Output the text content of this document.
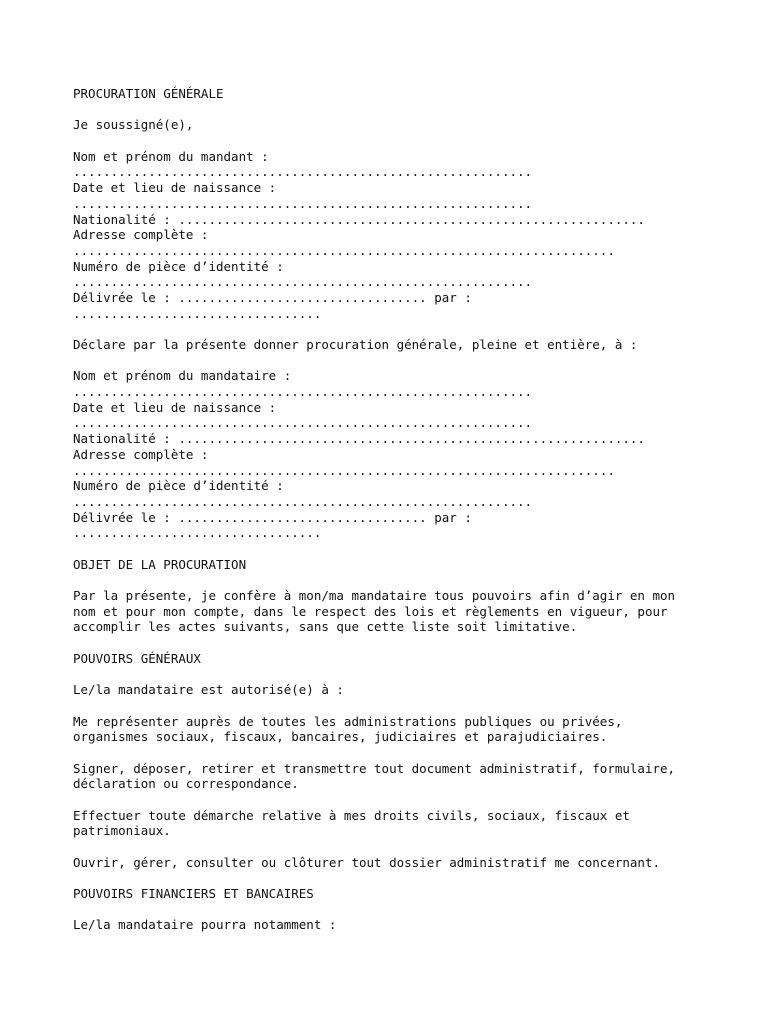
PROCURATION GÉNÉRALE
Je soussigné(e),
Nom et prénom du mandant :
.............................................................
Date et lieu de naissance :
.............................................................
Nationalité : ..............................................................
Adresse complète :
........................................................................
Numéro de pièce d’identité :
.............................................................
Délivrée le : ................................. par :
.................................
Déclare par la présente donner procuration générale, pleine et entière, à :
Nom et prénom du mandataire :
.............................................................
Date et lieu de naissance :
.............................................................
Nationalité : ..............................................................
Adresse complète :
........................................................................
Numéro de pièce d’identité :
.............................................................
Délivrée le : ................................. par :
.................................
OBJET DE LA PROCURATION
Par la présente, je confère à mon/ma mandataire tous pouvoirs afin d’agir en mon
nom et pour mon compte, dans le respect des lois et règlements en vigueur, pour
accomplir les actes suivants, sans que cette liste soit limitative.
POUVOIRS GÉNÉRAUX
Le/la mandataire est autorisé(e) à :
Me représenter auprès de toutes les administrations publiques ou privées,
organismes sociaux, fiscaux, bancaires, judiciaires et parajudiciaires.
Signer, déposer, retirer et transmettre tout document administratif, formulaire,
déclaration ou correspondance.
Effectuer toute démarche relative à mes droits civils, sociaux, fiscaux et
patrimoniaux.
Ouvrir, gérer, consulter ou clôturer tout dossier administratif me concernant.
POUVOIRS FINANCIERS ET BANCAIRES
Le/la mandataire pourra notamment :
